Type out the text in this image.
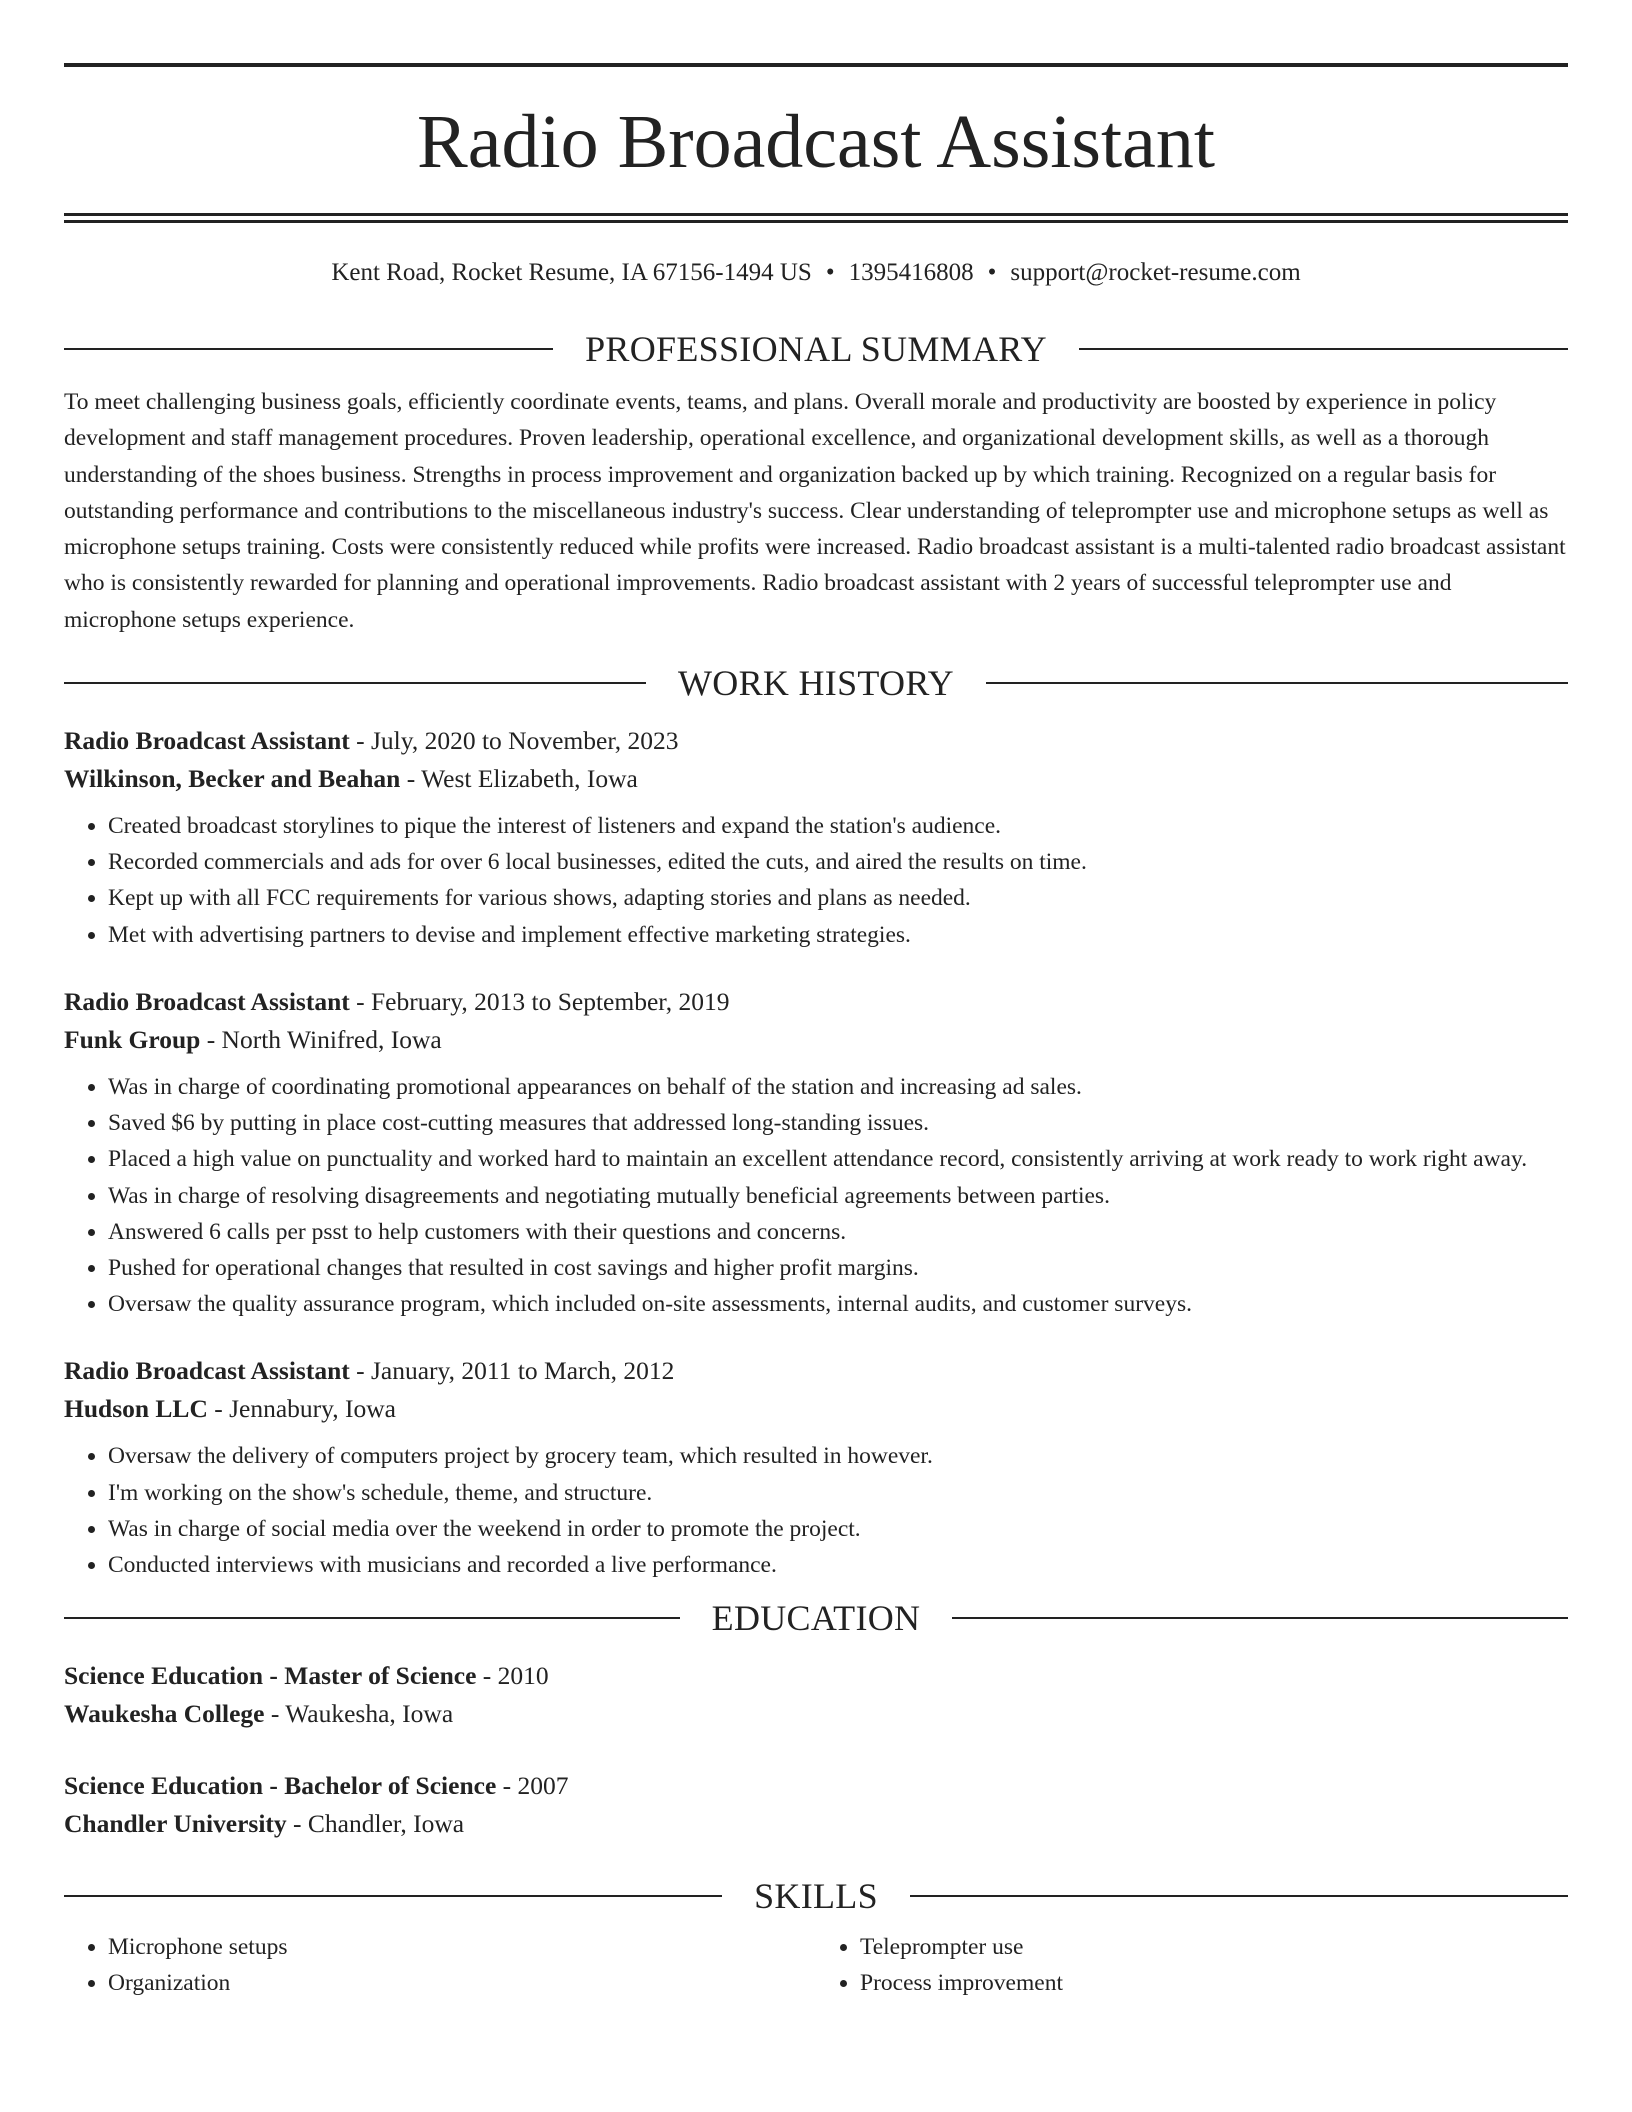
Radio Broadcast Assistant
Kent Road, Rocket Resume, IA 67156-1494 US • 1395416808 • support@rocket-resume.com
PROFESSIONAL SUMMARY
To meet challenging business goals, efficiently coordinate events, teams, and plans. Overall morale and productivity are boosted by experience in policy development and staff management procedures. Proven leadership, operational excellence, and organizational development skills, as well as a thorough understanding of the shoes business. Strengths in process improvement and organization backed up by which training. Recognized on a regular basis for outstanding performance and contributions to the miscellaneous industry's success. Clear understanding of teleprompter use and microphone setups as well as microphone setups training. Costs were consistently reduced while profits were increased. Radio broadcast assistant is a multi-talented radio broadcast assistant who is consistently rewarded for planning and operational improvements. Radio broadcast assistant with 2 years of successful teleprompter use and microphone setups experience.
WORK HISTORY
Radio Broadcast Assistant - July, 2020 to November, 2023
Wilkinson, Becker and Beahan - West Elizabeth, Iowa
• Created broadcast storylines to pique the interest of listeners and expand the station's audience.
• Recorded commercials and ads for over 6 local businesses, edited the cuts, and aired the results on time.
• Kept up with all FCC requirements for various shows, adapting stories and plans as needed.
• Met with advertising partners to devise and implement effective marketing strategies.
Radio Broadcast Assistant - February, 2013 to September, 2019
Funk Group - North Winifred, Iowa
• Was in charge of coordinating promotional appearances on behalf of the station and increasing ad sales.
• Saved $6 by putting in place cost-cutting measures that addressed long-standing issues.
• Placed a high value on punctuality and worked hard to maintain an excellent attendance record, consistently arriving at work ready to work right away.
• Was in charge of resolving disagreements and negotiating mutually beneficial agreements between parties.
• Answered 6 calls per psst to help customers with their questions and concerns.
• Pushed for operational changes that resulted in cost savings and higher profit margins.
• Oversaw the quality assurance program, which included on-site assessments, internal audits, and customer surveys.
Radio Broadcast Assistant - January, 2011 to March, 2012
Hudson LLC - Jennabury, Iowa
• Oversaw the delivery of computers project by grocery team, which resulted in however.
• I'm working on the show's schedule, theme, and structure.
• Was in charge of social media over the weekend in order to promote the project.
• Conducted interviews with musicians and recorded a live performance.
EDUCATION
Science Education - Master of Science - 2010
Waukesha College - Waukesha, Iowa
Science Education - Bachelor of Science - 2007
Chandler University - Chandler, Iowa
SKILLS
• Microphone setups
• Organization
• Teleprompter use
• Process improvement
